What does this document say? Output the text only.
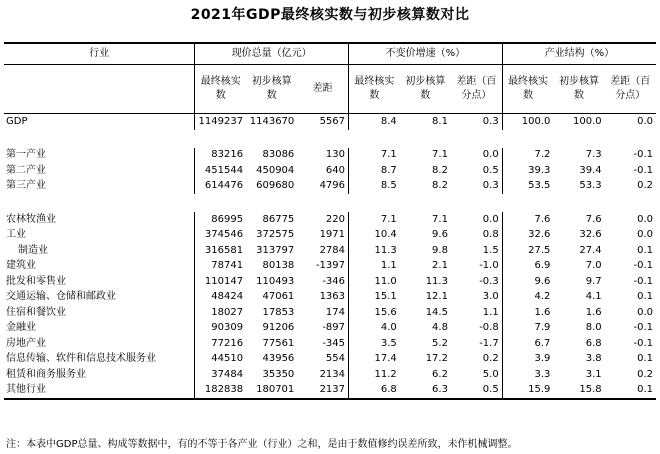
2021年GDP最终核实数与初步核算数对比
行业	现价总量（亿元）			不变价增速（%）			产业结构（%）		
	最终核实数	初步核算数	差距	最终核实数	初步核算数	差距（百分点）	最终核实数	初步核算数	差距（百分点）
GDP	1149237	1143670	5567	8.4	8.1	0.3	100.0	100.0	0.0

第一产业	83216	83086	130	7.1	7.1	0.0	7.2	7.3	-0.1
第二产业	451544	450904	640	8.7	8.2	0.5	39.3	39.4	-0.1
第三产业	614476	609680	4796	8.5	8.2	0.3	53.5	53.3	0.2

农林牧渔业	86995	86775	220	7.1	7.1	0.0	7.6	7.6	0.0
工业	374546	372575	1971	10.4	9.6	0.8	32.6	32.6	0.0
制造业	316581	313797	2784	11.3	9.8	1.5	27.5	27.4	0.1
建筑业	78741	80138	-1397	1.1	2.1	-1.0	6.9	7.0	-0.1
批发和零售业	110147	110493	-346	11.0	11.3	-0.3	9.6	9.7	-0.1
交通运输、仓储和邮政业	48424	47061	1363	15.1	12.1	3.0	4.2	4.1	0.1
住宿和餐饮业	18027	17853	174	15.6	14.5	1.1	1.6	1.6	0.0
金融业	90309	91206	-897	4.0	4.8	-0.8	7.9	8.0	-0.1
房地产业	77216	77561	-345	3.5	5.2	-1.7	6.7	6.8	-0.1
信息传输、软件和信息技术服务业	44510	43956	554	17.4	17.2	0.2	3.9	3.8	0.1
租赁和商务服务业	37484	35350	2134	11.2	6.2	5.0	3.3	3.1	0.2
其他行业	182838	180701	2137	6.8	6.3	0.5	15.9	15.8	0.1
注：本表中GDP总量、构成等数据中，有的不等于各产业（行业）之和，是由于数值修约误差所致，未作机械调整。
